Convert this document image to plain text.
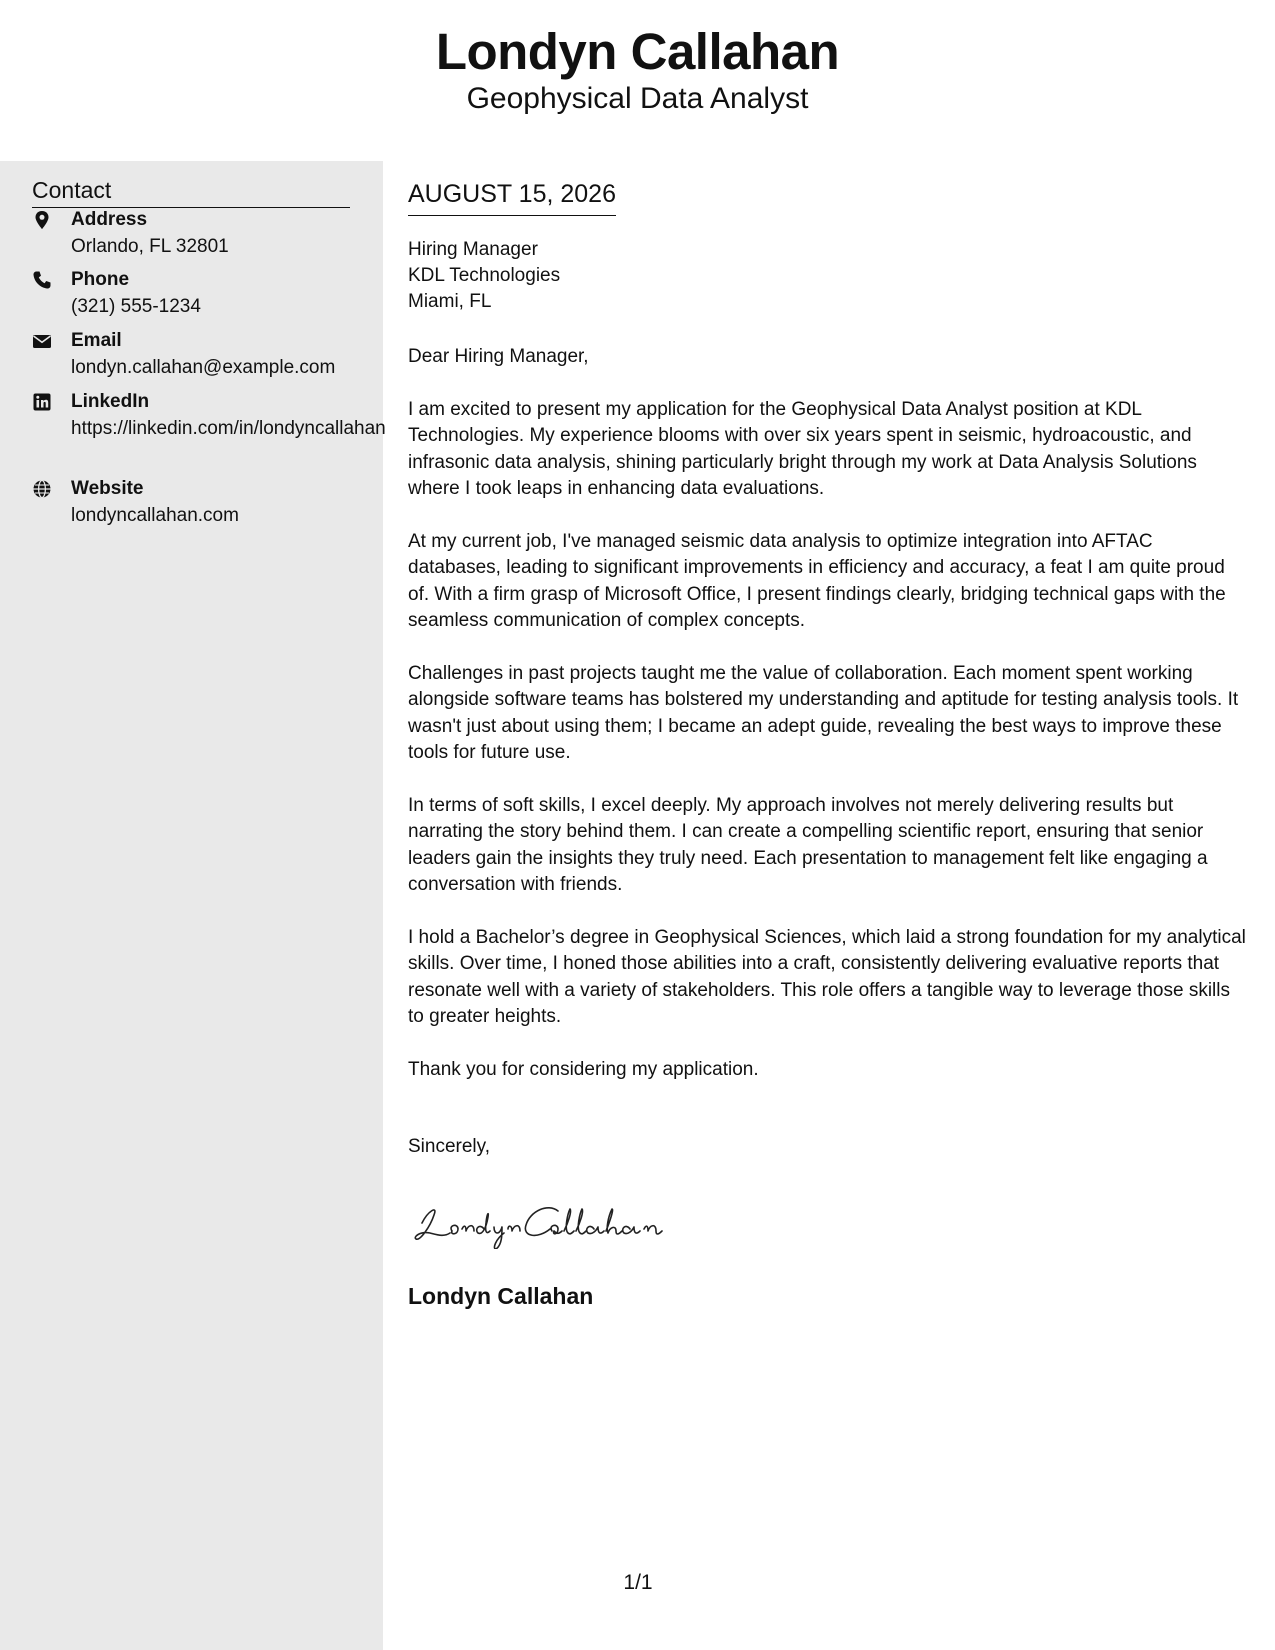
Londyn Callahan
Geophysical Data Analyst
Contact
Address
Orlando, FL 32801
Phone
(321) 555-1234
Email
londyn.callahan@example.com
LinkedIn
https://linkedin.com/in/londyncallahan
Website
londyncallahan.com
AUGUST 15, 2026
Hiring Manager
KDL Technologies
Miami, FL
Dear Hiring Manager,
I am excited to present my application for the Geophysical Data Analyst position at KDL Technologies. My experience blooms with over six years spent in seismic, hydroacoustic, and infrasonic data analysis, shining particularly bright through my work at Data Analysis Solutions where I took leaps in enhancing data evaluations.
At my current job, I've managed seismic data analysis to optimize integration into AFTAC databases, leading to significant improvements in efficiency and accuracy, a feat I am quite proud of. With a firm grasp of Microsoft Office, I present findings clearly, bridging technical gaps with the seamless communication of complex concepts.
Challenges in past projects taught me the value of collaboration. Each moment spent working alongside software teams has bolstered my understanding and aptitude for testing analysis tools. It wasn't just about using them; I became an adept guide, revealing the best ways to improve these tools for future use.
In terms of soft skills, I excel deeply. My approach involves not merely delivering results but narrating the story behind them. I can create a compelling scientific report, ensuring that senior leaders gain the insights they truly need. Each presentation to management felt like engaging a conversation with friends.
I hold a Bachelor’s degree in Geophysical Sciences, which laid a strong foundation for my analytical skills. Over time, I honed those abilities into a craft, consistently delivering evaluative reports that resonate well with a variety of stakeholders. This role offers a tangible way to leverage those skills to greater heights.
Thank you for considering my application.
Sincerely,
Londyn Callahan
1/1
